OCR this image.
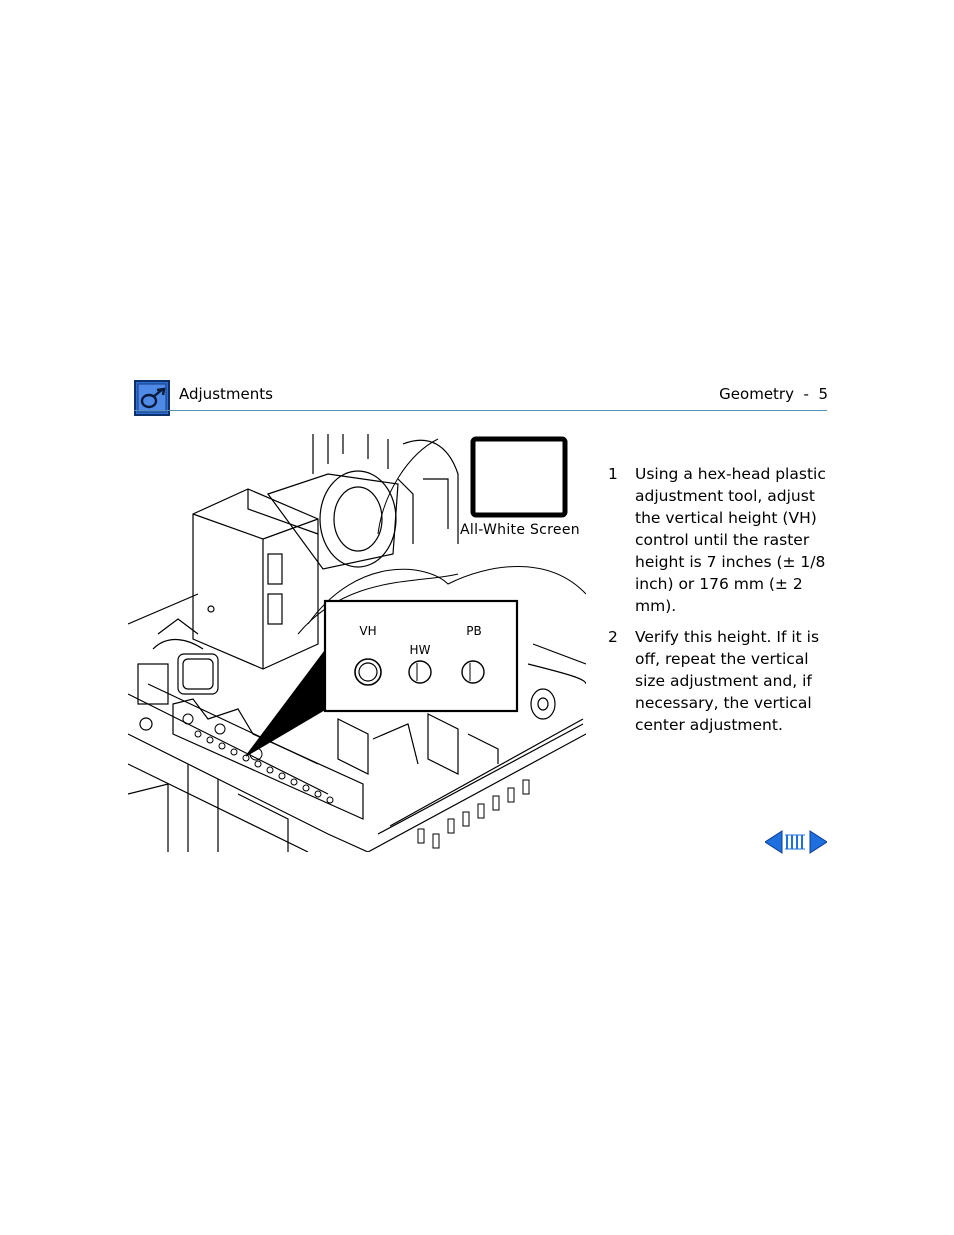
Adjustments	Geometry  -  5
VH
HW
PB
All-White Screen
1	Using a hex-head plastic adjustment tool, adjust the vertical height (VH) control until the raster height is 7 inches (± 1/8 inch) or 176 mm (± 2 mm).
2	Verify this height. If it is off, repeat the vertical size adjustment and, if necessary, the vertical center adjustment.
